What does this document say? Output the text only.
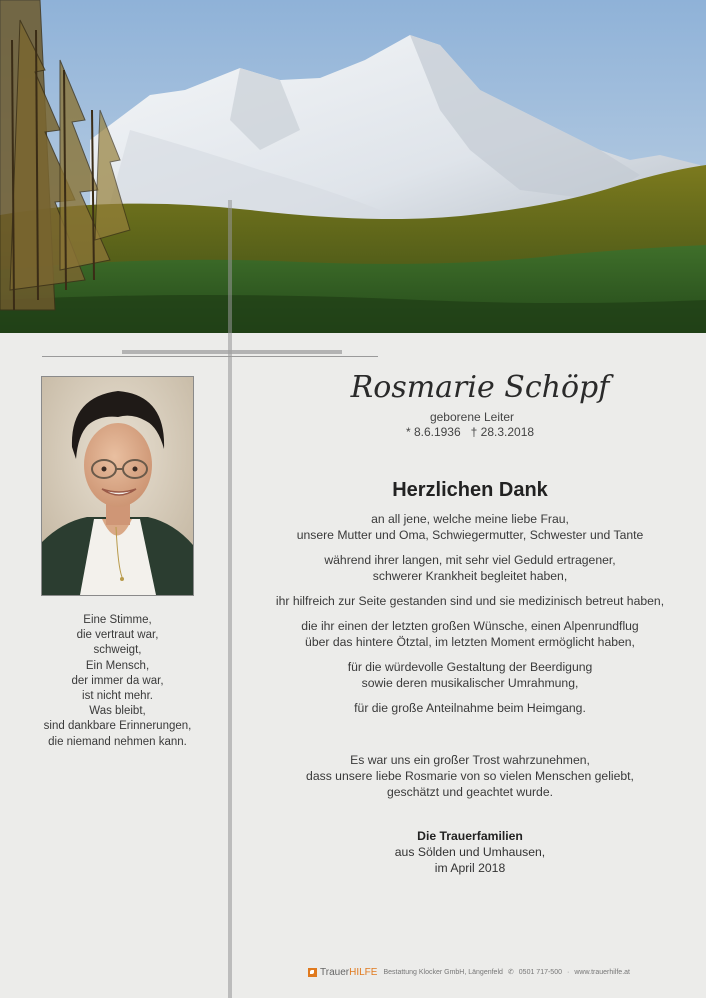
Eine Stimme,
die vertraut war,
schweigt,
Ein Mensch,
der immer da war,
ist nicht mehr.
Was bleibt,
sind dankbare Erinnerungen,
die niemand nehmen kann.
Rosmarie Schöpf
geborene Leiter
* 8.6.1936 † 28.3.2018
Herzlichen Dank
an all jene, welche meine liebe Frau,
unsere Mutter und Oma, Schwiegermutter, Schwester und Tante
während ihrer langen, mit sehr viel Geduld ertragener,
schwerer Krankheit begleitet haben,
ihr hilfreich zur Seite gestanden sind und sie medizinisch betreut haben,
die ihr einen der letzten großen Wünsche, einen Alpenrundflug
über das hintere Ötztal, im letzten Moment ermöglicht haben,
für die würdevolle Gestaltung der Beerdigung
sowie deren musikalischer Umrahmung,
für die große Anteilnahme beim Heimgang.
Es war uns ein großer Trost wahrzunehmen,
dass unsere liebe Rosmarie von so vielen Menschen geliebt,
geschätzt und geachtet wurde.
Die Trauerfamilien
aus Sölden und Umhausen,
im April 2018
Trauer HILFE Bestattung Klocker GmbH, Längenfeld ✆ 0501 717-500 · www.trauerhilfe.at
